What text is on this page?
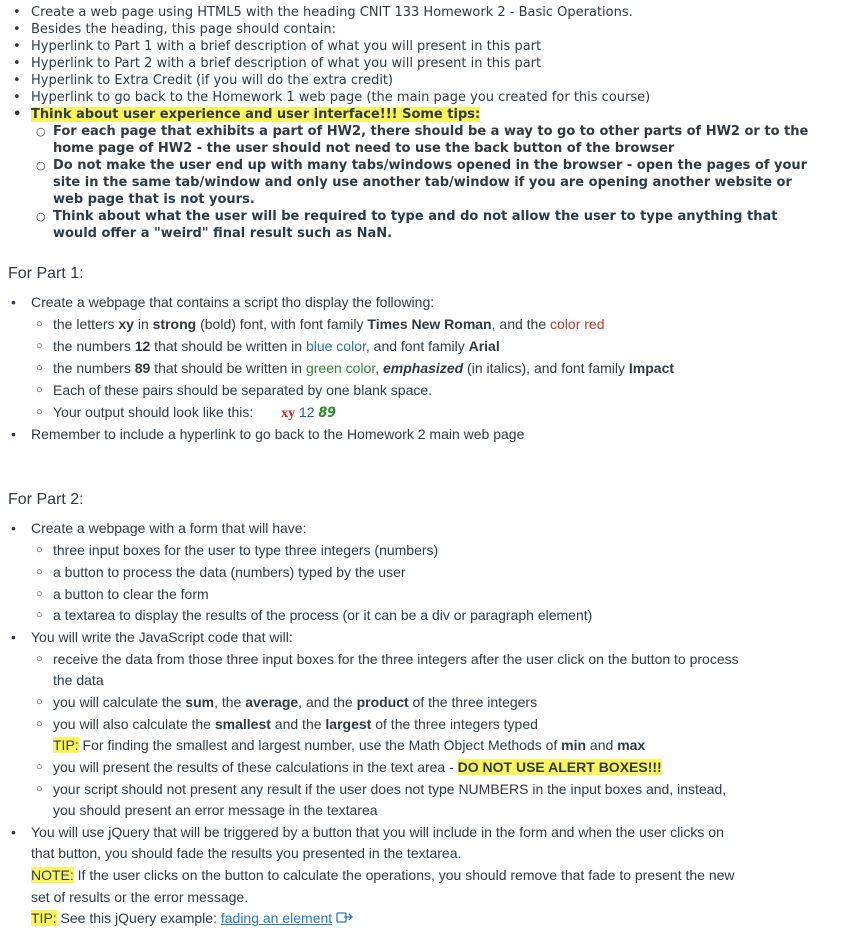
• Create a web page using HTML5 with the heading CNIT 133 Homework 2 - Basic Operations.
• Besides the heading, this page should contain:
• Hyperlink to Part 1 with a brief description of what you will present in this part
• Hyperlink to Part 2 with a brief description of what you will present in this part
• Hyperlink to Extra Credit (if you will do the extra credit)
• Hyperlink to go back to the Homework 1 web page (the main page you created for this course)
• Think about user experience and user interface!!! Some tips:
○ For each page that exhibits a part of HW2, there should be a way to go to other parts of HW2 or to the
home page of HW2 - the user should not need to use the back button of the browser
○ Do not make the user end up with many tabs/windows opened in the browser - open the pages of your
site in the same tab/window and only use another tab/window if you are opening another website or
web page that is not yours.
○ Think about what the user will be required to type and do not allow the user to type anything that
would offer a "weird" final result such as NaN.
For Part 1:
• Create a webpage that contains a script tho display the following:
○ the letters xy in strong (bold) font, with font family Times New Roman, and the color red
○ the numbers 12 that should be written in blue color, and font family Arial
○ the numbers 89 that should be written in green color, emphasized (in italics), and font family Impact
○ Each of these pairs should be separated by one blank space.
○ Your output should look like this: xy 12 89
• Remember to include a hyperlink to go back to the Homework 2 main web page
For Part 2:
• Create a webpage with a form that will have:
○ three input boxes for the user to type three integers (numbers)
○ a button to process the data (numbers) typed by the user
○ a button to clear the form
○ a textarea to display the results of the process (or it can be a div or paragraph element)
• You will write the JavaScript code that will:
○ receive the data from those three input boxes for the three integers after the user click on the button to process
the data
○ you will calculate the sum, the average, and the product of the three integers
○ you will also calculate the smallest and the largest of the three integers typed
TIP: For finding the smallest and largest number, use the Math Object Methods of min and max
○ you will present the results of these calculations in the text area - DO NOT USE ALERT BOXES!!!
○ your script should not present any result if the user does not type NUMBERS in the input boxes and, instead,
you should present an error message in the textarea
• You will use jQuery that will be triggered by a button that you will include in the form and when the user clicks on
that button, you should fade the results you presented in the textarea.
NOTE: If the user clicks on the button to calculate the operations, you should remove that fade to present the new
set of results or the error message.
TIP: See this jQuery example: fading an element
